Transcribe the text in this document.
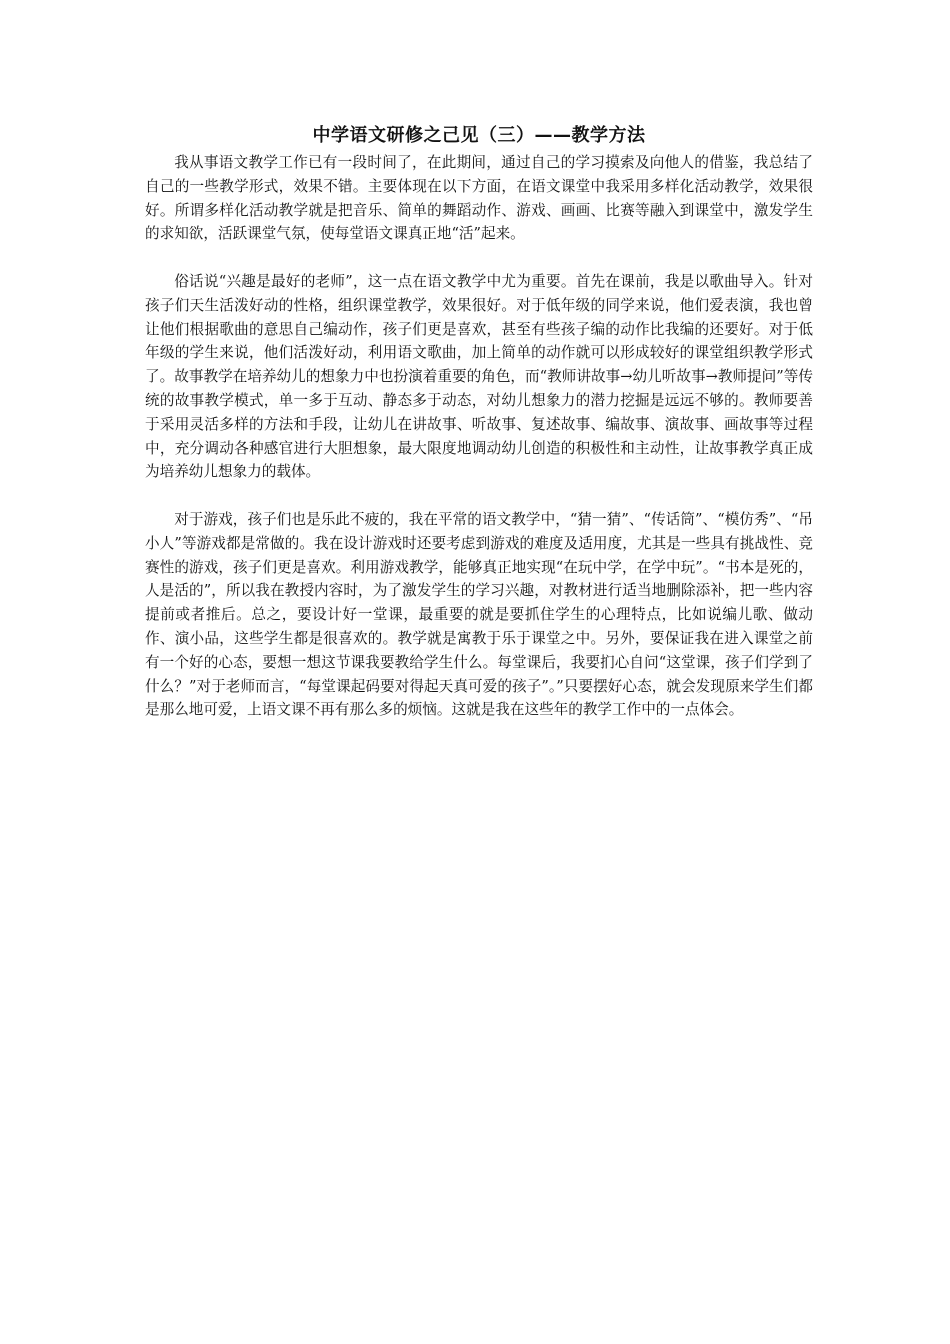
中学语文研修之己见（三）——教学方法

我从事语文教学工作已有一段时间了，在此期间，通过自己的学习摸索及向他人的借鉴，我总结了自己的一些教学形式，效果不错。主要体现在以下方面，在语文课堂中我采用多样化活动教学，效果很好。所谓多样化活动教学就是把音乐、简单的舞蹈动作、游戏、画画、比赛等融入到课堂中，激发学生的求知欲，活跃课堂气氛，使每堂语文课真正地“活”起来。

俗话说“兴趣是最好的老师”，这一点在语文教学中尤为重要。首先在课前，我是以歌曲导入。针对孩子们天生活泼好动的性格，组织课堂教学，效果很好。对于低年级的同学来说，他们爱表演，我也曾让他们根据歌曲的意思自己编动作，孩子们更是喜欢，甚至有些孩子编的动作比我编的还要好。对于低年级的学生来说，他们活泼好动，利用语文歌曲，加上简单的动作就可以形成较好的课堂组织教学形式了。故事教学在培养幼儿的想象力中也扮演着重要的角色，而“教师讲故事→幼儿听故事→教师提问”等传统的故事教学模式，单一多于互动、静态多于动态，对幼儿想象力的潜力挖掘是远远不够的。教师要善于采用灵活多样的方法和手段，让幼儿在讲故事、听故事、复述故事、编故事、演故事、画故事等过程中，充分调动各种感官进行大胆想象，最大限度地调动幼儿创造的积极性和主动性，让故事教学真正成为培养幼儿想象力的载体。

对于游戏，孩子们也是乐此不疲的，我在平常的语文教学中，“猜一猜”、“传话筒”、“模仿秀”、“吊小人”等游戏都是常做的。我在设计游戏时还要考虑到游戏的难度及适用度，尤其是一些具有挑战性、竞赛性的游戏，孩子们更是喜欢。利用游戏教学，能够真正地实现“在玩中学，在学中玩”。“书本是死的，人是活的”，所以我在教授内容时，为了激发学生的学习兴趣，对教材进行适当地删除添补，把一些内容提前或者推后。总之，要设计好一堂课，最重要的就是要抓住学生的心理特点，比如说编儿歌、做动作、演小品，这些学生都是很喜欢的。教学就是寓教于乐于课堂之中。另外，要保证我在进入课堂之前有一个好的心态，要想一想这节课我要教给学生什么。每堂课后，我要扪心自问“这堂课，孩子们学到了什么？”对于老师而言，“每堂课起码要对得起天真可爱的孩子”。”只要摆好心态，就会发现原来学生们都是那么地可爱，上语文课不再有那么多的烦恼。这就是我在这些年的教学工作中的一点体会。
